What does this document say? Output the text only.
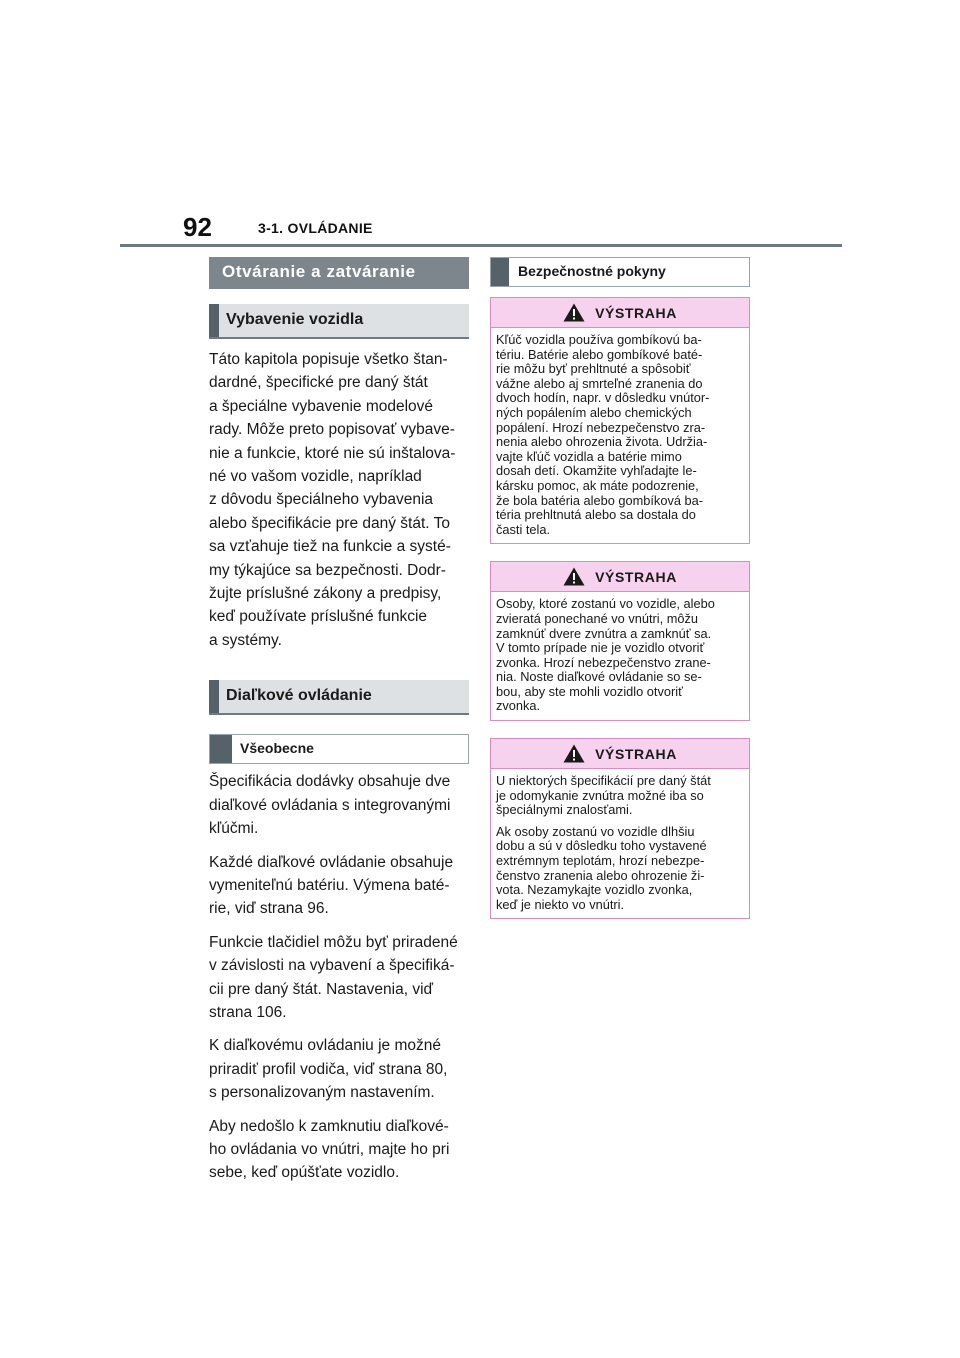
92	3-1. OVLÁDANIE
Otváranie a zatváranie
Vybavenie vozidla

Táto kapitola popisuje všetko štan-
dardné, špecifické pre daný štát
a špeciálne vybavenie modelové
rady. Môže preto popisovať vybave-
nie a funkcie, ktoré nie sú inštalova-
né vo vašom vozidle, napríklad
z dôvodu špeciálneho vybavenia
alebo špecifikácie pre daný štát. To
sa vzťahuje tiež na funkcie a systé-
my týkajúce sa bezpečnosti. Dodr-
žujte príslušné zákony a predpisy,
keď používate príslušné funkcie
a systémy.

Diaľkové ovládanie
Všeobecne

Špecifikácia dodávky obsahuje dve
diaľkové ovládania s integrovanými
kľúčmi.

Každé diaľkové ovládanie obsahuje
vymeniteľnú batériu. Výmena baté-
rie, viď strana 96.

Funkcie tlačidiel môžu byť priradené
v závislosti na vybavení a špecifiká-
cii pre daný štát. Nastavenia, viď
strana 106.

K diaľkovému ovládaniu je možné
priradiť profil vodiča, viď strana 80,
s personalizovaným nastavením.

Aby nedošlo k zamknutiu diaľkové-
ho ovládania vo vnútri, majte ho pri
sebe, keď opúšťate vozidlo.

Bezpečnostné pokyny
VÝSTRAHA

Kľúč vozidla používa gombíkovú ba-
tériu. Batérie alebo gombíkové baté-
rie môžu byť prehltnuté a spôsobiť
vážne alebo aj smrteľné zranenia do
dvoch hodín, napr. v dôsledku vnútor-
ných popálením alebo chemických
popálení. Hrozí nebezpečenstvo zra-
nenia alebo ohrozenia života. Udržia-
vajte kľúč vozidla a batérie mimo
dosah detí. Okamžite vyhľadajte le-
kársku pomoc, ak máte podozrenie,
že bola batéria alebo gombíková ba-
téria prehltnutá alebo sa dostala do
časti tela.

VÝSTRAHA

Osoby, ktoré zostanú vo vozidle, alebo
zvieratá ponechané vo vnútri, môžu
zamknúť dvere zvnútra a zamknúť sa.
V tomto prípade nie je vozidlo otvoriť
zvonka. Hrozí nebezpečenstvo zrane-
nia. Noste diaľkové ovládanie so se-
bou, aby ste mohli vozidlo otvoriť
zvonka.

VÝSTRAHA

U niektorých špecifikácií pre daný štát
je odomykanie zvnútra možné iba so
špeciálnymi znalosťami.

Ak osoby zostanú vo vozidle dlhšiu
dobu a sú v dôsledku toho vystavené
extrémnym teplotám, hrozí nebezpe-
čenstvo zranenia alebo ohrozenie ži-
vota. Nezamykajte vozidlo zvonka,
keď je niekto vo vnútri.
